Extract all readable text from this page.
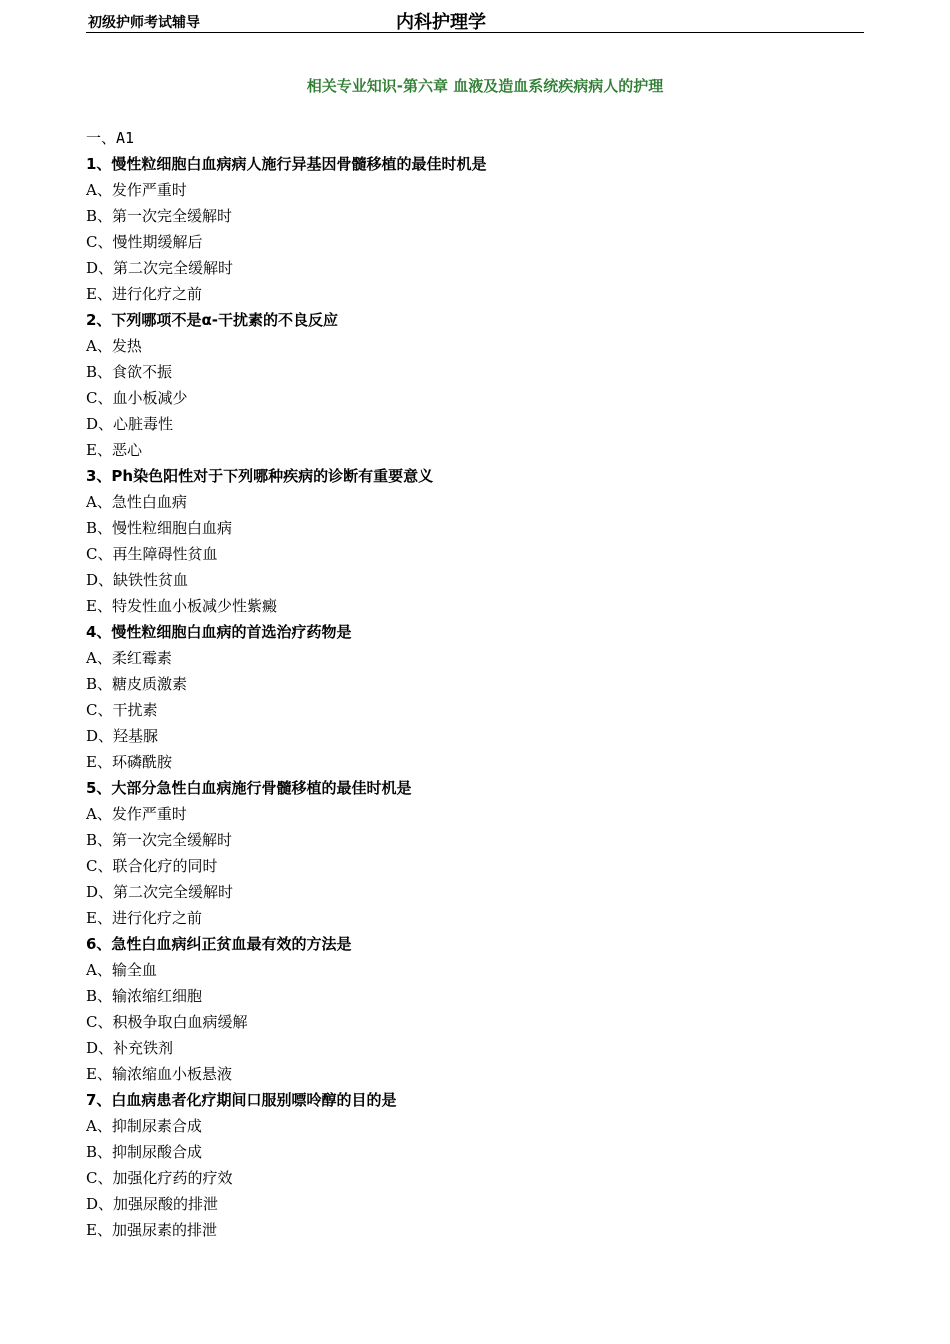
初级护师考试辅导	内科护理学
相关专业知识-第六章 血液及造血系统疾病病人的护理
一、A1
1、慢性粒细胞白血病病人施行异基因骨髓移植的最佳时机是
A、发作严重时
B、第一次完全缓解时
C、慢性期缓解后
D、第二次完全缓解时
E、进行化疗之前
2、下列哪项不是α-干扰素的不良反应
A、发热
B、食欲不振
C、血小板减少
D、心脏毒性
E、恶心
3、Ph染色阳性对于下列哪种疾病的诊断有重要意义
A、急性白血病
B、慢性粒细胞白血病
C、再生障碍性贫血
D、缺铁性贫血
E、特发性血小板减少性紫癜
4、慢性粒细胞白血病的首选治疗药物是
A、柔红霉素
B、糖皮质激素
C、干扰素
D、羟基脲
E、环磷酰胺
5、大部分急性白血病施行骨髓移植的最佳时机是
A、发作严重时
B、第一次完全缓解时
C、联合化疗的同时
D、第二次完全缓解时
E、进行化疗之前
6、急性白血病纠正贫血最有效的方法是
A、输全血
B、输浓缩红细胞
C、积极争取白血病缓解
D、补充铁剂
E、输浓缩血小板悬液
7、白血病患者化疗期间口服别嘌呤醇的目的是
A、抑制尿素合成
B、抑制尿酸合成
C、加强化疗药的疗效
D、加强尿酸的排泄
E、加强尿素的排泄
